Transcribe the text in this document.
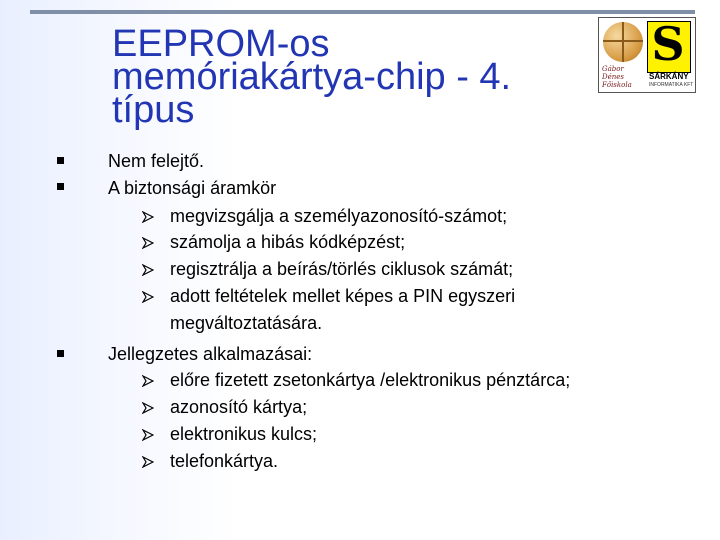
EEPROM-os
memóriakártya-chip - 4.
típus
S
Gábor Dénes Főiskola
SÁRKÁNY
INFORMATIKA KFT
Nem felejtő.
A biztonsági áramkör
megvizsgálja a személyazonosító-számot;
számolja a hibás kódképzést;
regisztrálja a beírás/törlés ciklusok számát;
adott feltételek mellet képes a PIN egyszeri
megváltoztatására.
Jellegzetes alkalmazásai:
előre fizetett zsetonkártya /elektronikus pénztárca;
azonosító kártya;
elektronikus kulcs;
telefonkártya.
